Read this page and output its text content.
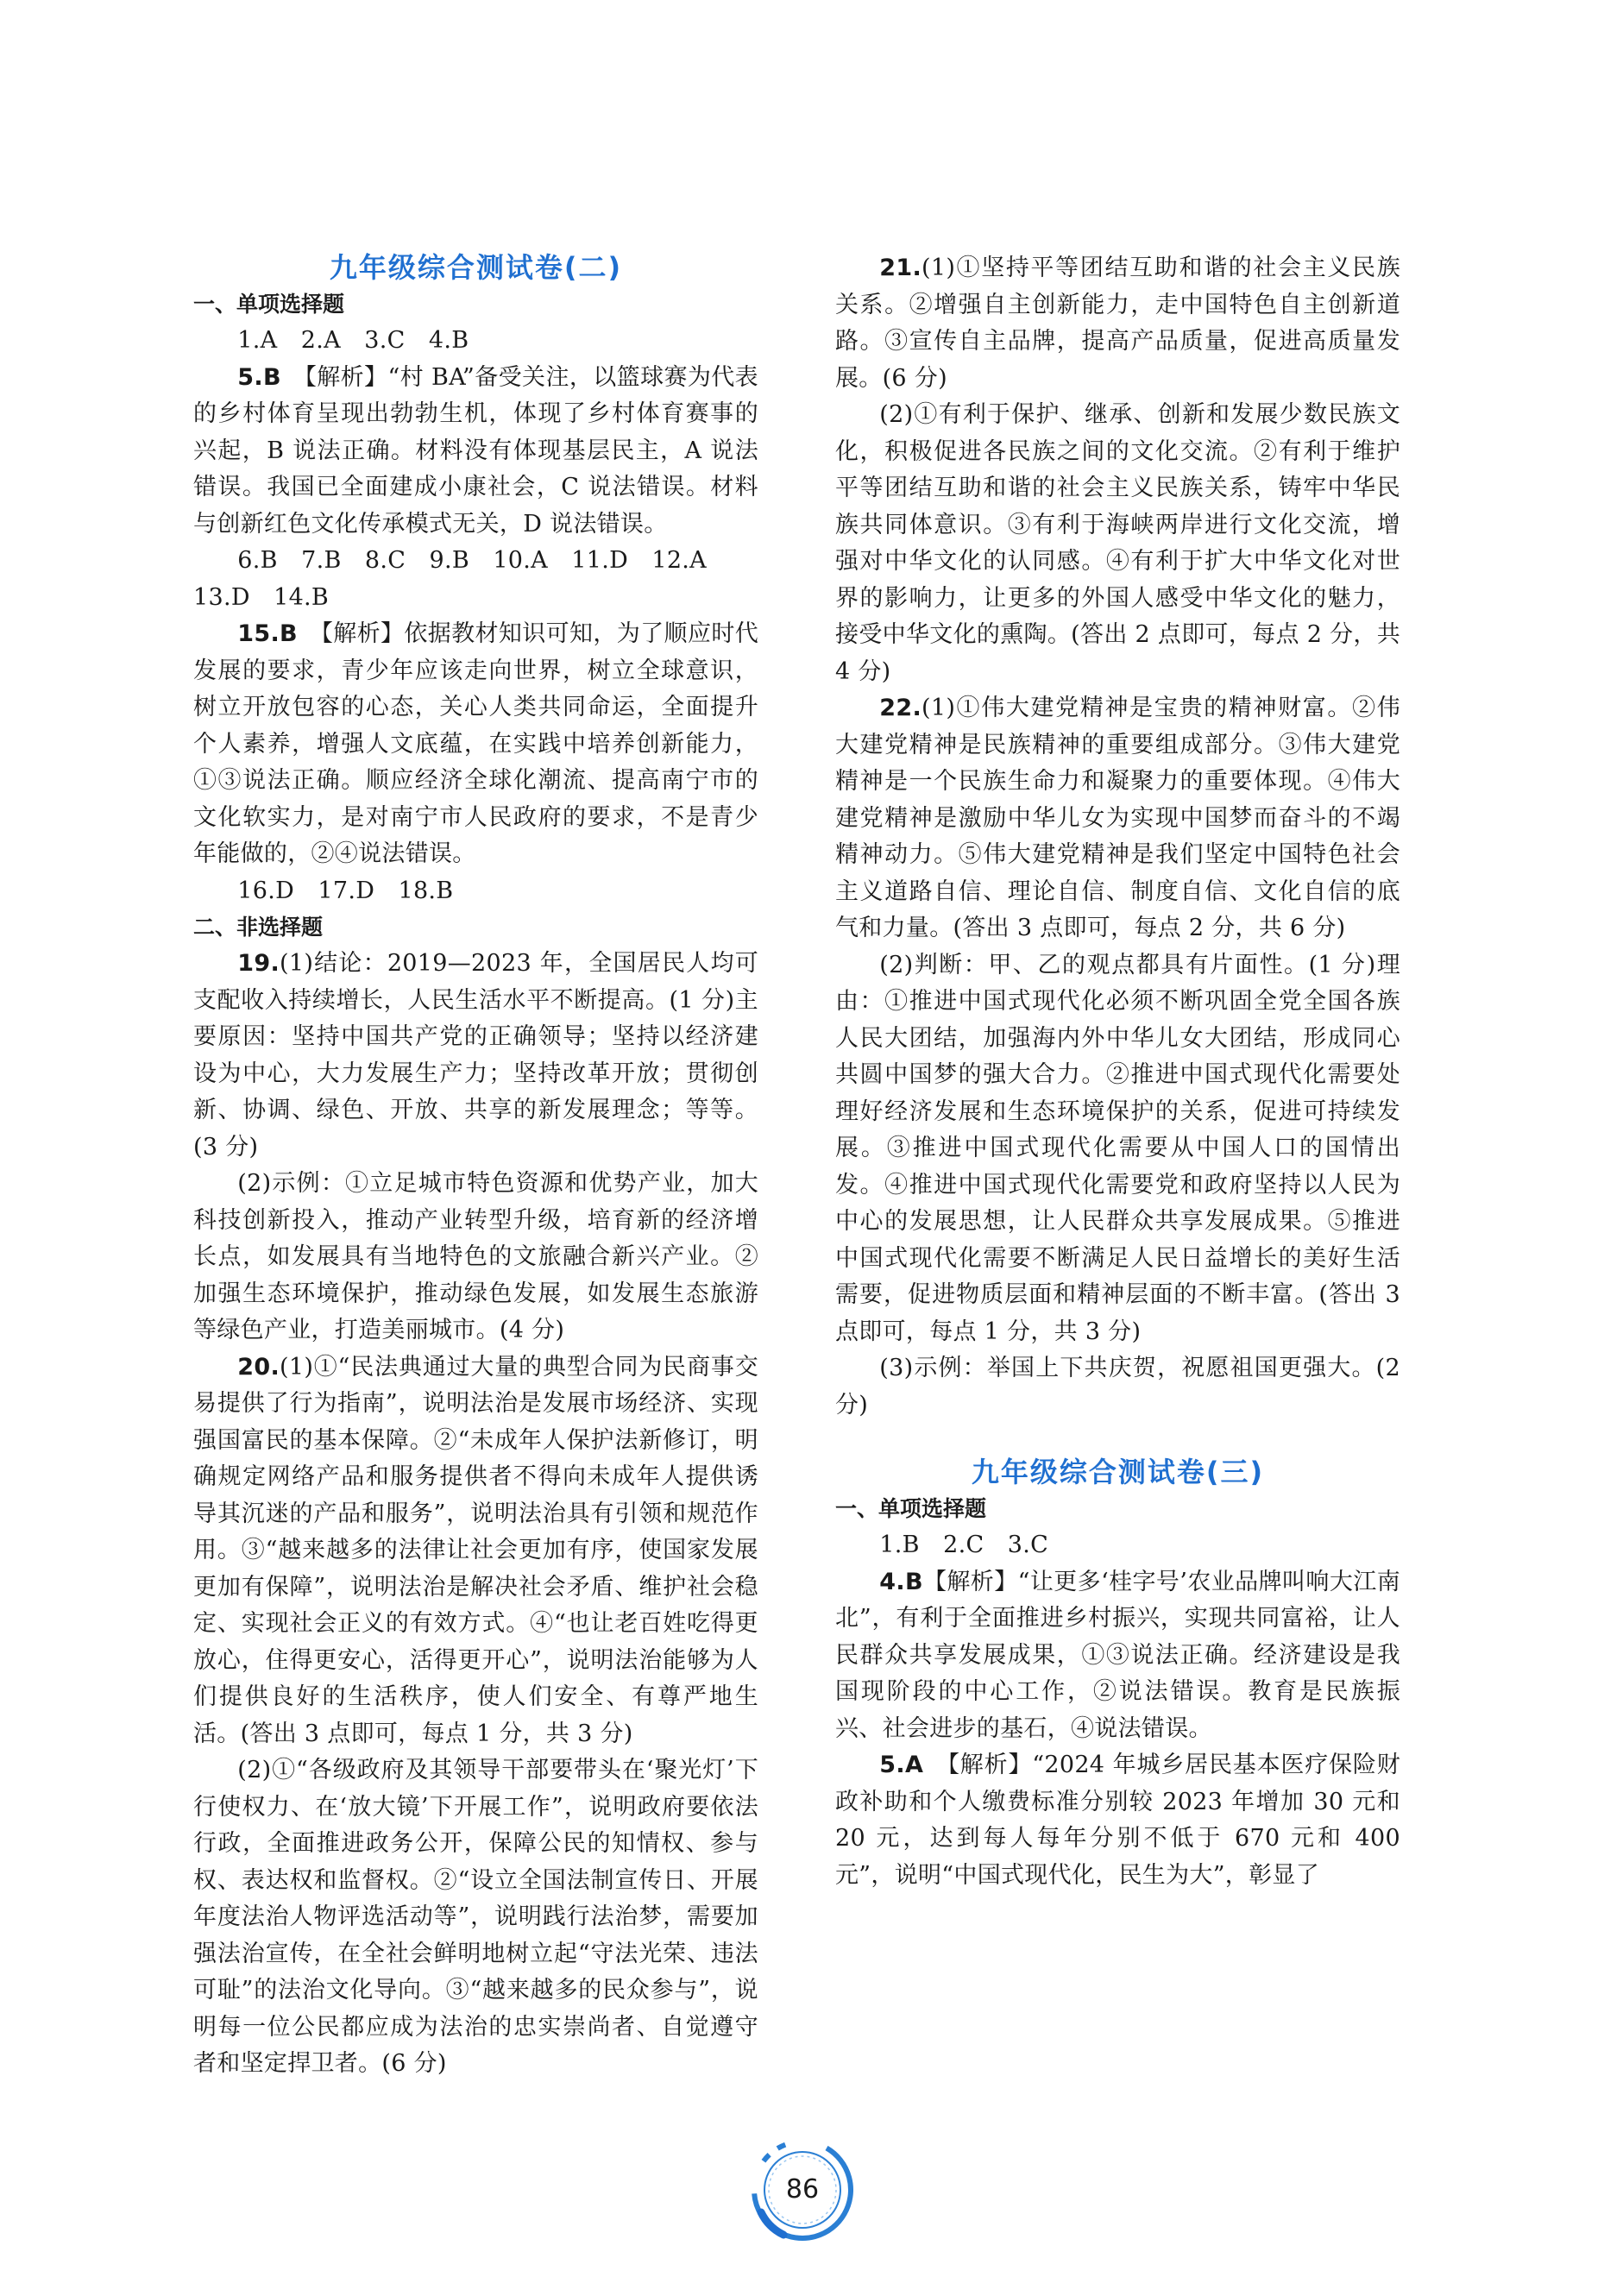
九年级综合测试卷(二)
一、单项选择题

1.A　2.A　3.C　4.B

5.B　 【解析】“村 BA”备受关注，以篮球赛为代表的乡村体育呈现出勃勃生机，体现了乡村体育赛事的兴起，B 说法正确。材料没有体现基层民主，A 说法错误。我国已全面建成小康社会，C 说法错误。材料与创新红色文化传承模式无关，D 说法错误。

6.B　7.B　8.C　9.B　10.A　11.D　12.A

13.D　14.B

15.B　 【解析】依据教材知识可知，为了顺应时代发展的要求，青少年应该走向世界，树立全球意识，树立开放包容的心态，关心人类共同命运，全面提升个人素养，增强人文底蕴，在实践中培养创新能力，①③说法正确。顺应经济全球化潮流、提高南宁市的文化软实力，是对南宁市人民政府的要求，不是青少年能做的，②④说法错误。

16.D　17.D　18.B

二、非选择题

19.(1)结论：2019—2023 年，全国居民人均可支配收入持续增长，人民生活水平不断提高。(1 分)主要原因：坚持中国共产党的正确领导；坚持以经济建设为中心，大力发展生产力；坚持改革开放；贯彻创新、协调、绿色、开放、共享的新发展理念；等等。(3 分)

(2)示例：①立足城市特色资源和优势产业，加大科技创新投入，推动产业转型升级，培育新的经济增长点，如发展具有当地特色的文旅融合新兴产业。②加强生态环境保护，推动绿色发展，如发展生态旅游等绿色产业，打造美丽城市。(4 分)

20.(1)①“民法典通过大量的典型合同为民商事交易提供了行为指南”，说明法治是发展市场经济、实现强国富民的基本保障。②“未成年人保护法新修订，明确规定网络产品和服务提供者不得向未成年人提供诱导其沉迷的产品和服务”，说明法治具有引领和规范作用。③“越来越多的法律让社会更加有序，使国家发展更加有保障”，说明法治是解决社会矛盾、维护社会稳定、实现社会正义的有效方式。④“也让老百姓吃得更放心，住得更安心，活得更开心”，说明法治能够为人们提供良好的生活秩序，使人们安全、有尊严地生活。(答出 3 点即可，每点 1 分，共 3 分)

(2)①“各级政府及其领导干部要带头在‘聚光灯’下行使权力、在‘放大镜’下开展工作”，说明政府要依法行政，全面推进政务公开，保障公民的知情权、参与权、表达权和监督权。②“设立全国法制宣传日、开展年度法治人物评选活动等”，说明践行法治梦，需要加强法治宣传，在全社会鲜明地树立起“守法光荣、违法可耻”的法治文化导向。③“越来越多的民众参与”，说明每一位公民都应成为法治的忠实崇尚者、自觉遵守者和坚定捍卫者。(6 分)

21.(1)①坚持平等团结互助和谐的社会主义民族关系。②增强自主创新能力，走中国特色自主创新道路。③宣传自主品牌，提高产品质量，促进高质量发展。(6 分)

(2)①有利于保护、继承、创新和发展少数民族文化，积极促进各民族之间的文化交流。②有利于维护平等团结互助和谐的社会主义民族关系，铸牢中华民族共同体意识。③有利于海峡两岸进行文化交流，增强对中华文化的认同感。④有利于扩大中华文化对世界的影响力，让更多的外国人感受中华文化的魅力，接受中华文化的熏陶。(答出 2 点即可，每点 2 分，共 4 分)

22.(1)①伟大建党精神是宝贵的精神财富。②伟大建党精神是民族精神的重要组成部分。③伟大建党精神是一个民族生命力和凝聚力的重要体现。④伟大建党精神是激励中华儿女为实现中国梦而奋斗的不竭精神动力。⑤伟大建党精神是我们坚定中国特色社会主义道路自信、理论自信、制度自信、文化自信的底气和力量。(答出 3 点即可，每点 2 分，共 6 分)

(2)判断：甲、乙的观点都具有片面性。(1 分)理由：①推进中国式现代化必须不断巩固全党全国各族人民大团结，加强海内外中华儿女大团结，形成同心共圆中国梦的强大合力。②推进中国式现代化需要处理好经济发展和生态环境保护的关系，促进可持续发展。③推进中国式现代化需要从中国人口的国情出发。④推进中国式现代化需要党和政府坚持以人民为中心的发展思想，让人民群众共享发展成果。⑤推进中国式现代化需要不断满足人民日益增长的美好生活需要，促进物质层面和精神层面的不断丰富。(答出 3 点即可，每点 1 分，共 3 分)

(3)示例：举国上下共庆贺，祝愿祖国更强大。(2 分)

九年级综合测试卷(三)
一、单项选择题

1.B　2.C　3.C

4.B【解析】“让更多‘桂字号’农业品牌叫响大江南北”，有利于全面推进乡村振兴，实现共同富裕，让人民群众共享发展成果，①③说法正确。经济建设是我国现阶段的中心工作，②说法错误。教育是民族振兴、社会进步的基石，④说法错误。

5.A　 【解析】“2024 年城乡居民基本医疗保险财政补助和个人缴费标准分别较 2023 年增加 30 元和20 元，达到每人每年分别不低于 670 元和 400 元”，说明“中国式现代化，民生为大”，彰显了

86
